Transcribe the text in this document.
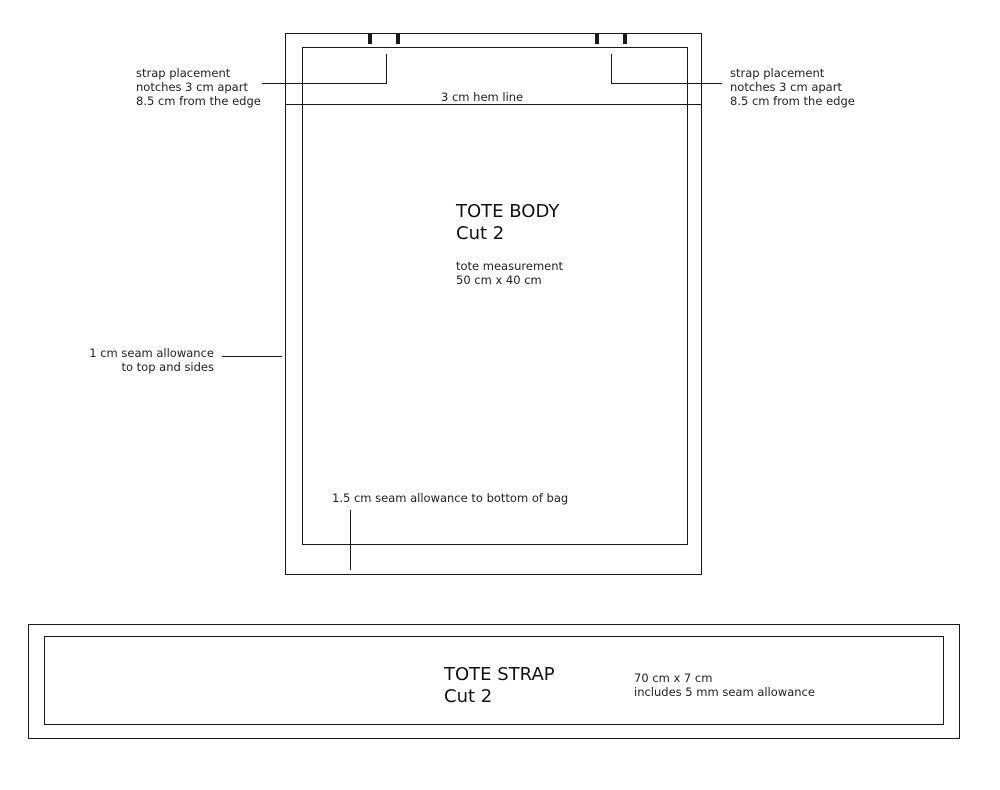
strap placement
notches 3 cm apart
8.5 cm from the edge
strap placement
notches 3 cm apart
8.5 cm from the edge
3 cm hem line
TOTE BODY
Cut 2
tote measurement
50 cm x 40 cm
1 cm seam allowance
to top and sides
1.5 cm seam allowance to bottom of bag
TOTE STRAP
Cut 2
70 cm x 7 cm
includes 5 mm seam allowance
